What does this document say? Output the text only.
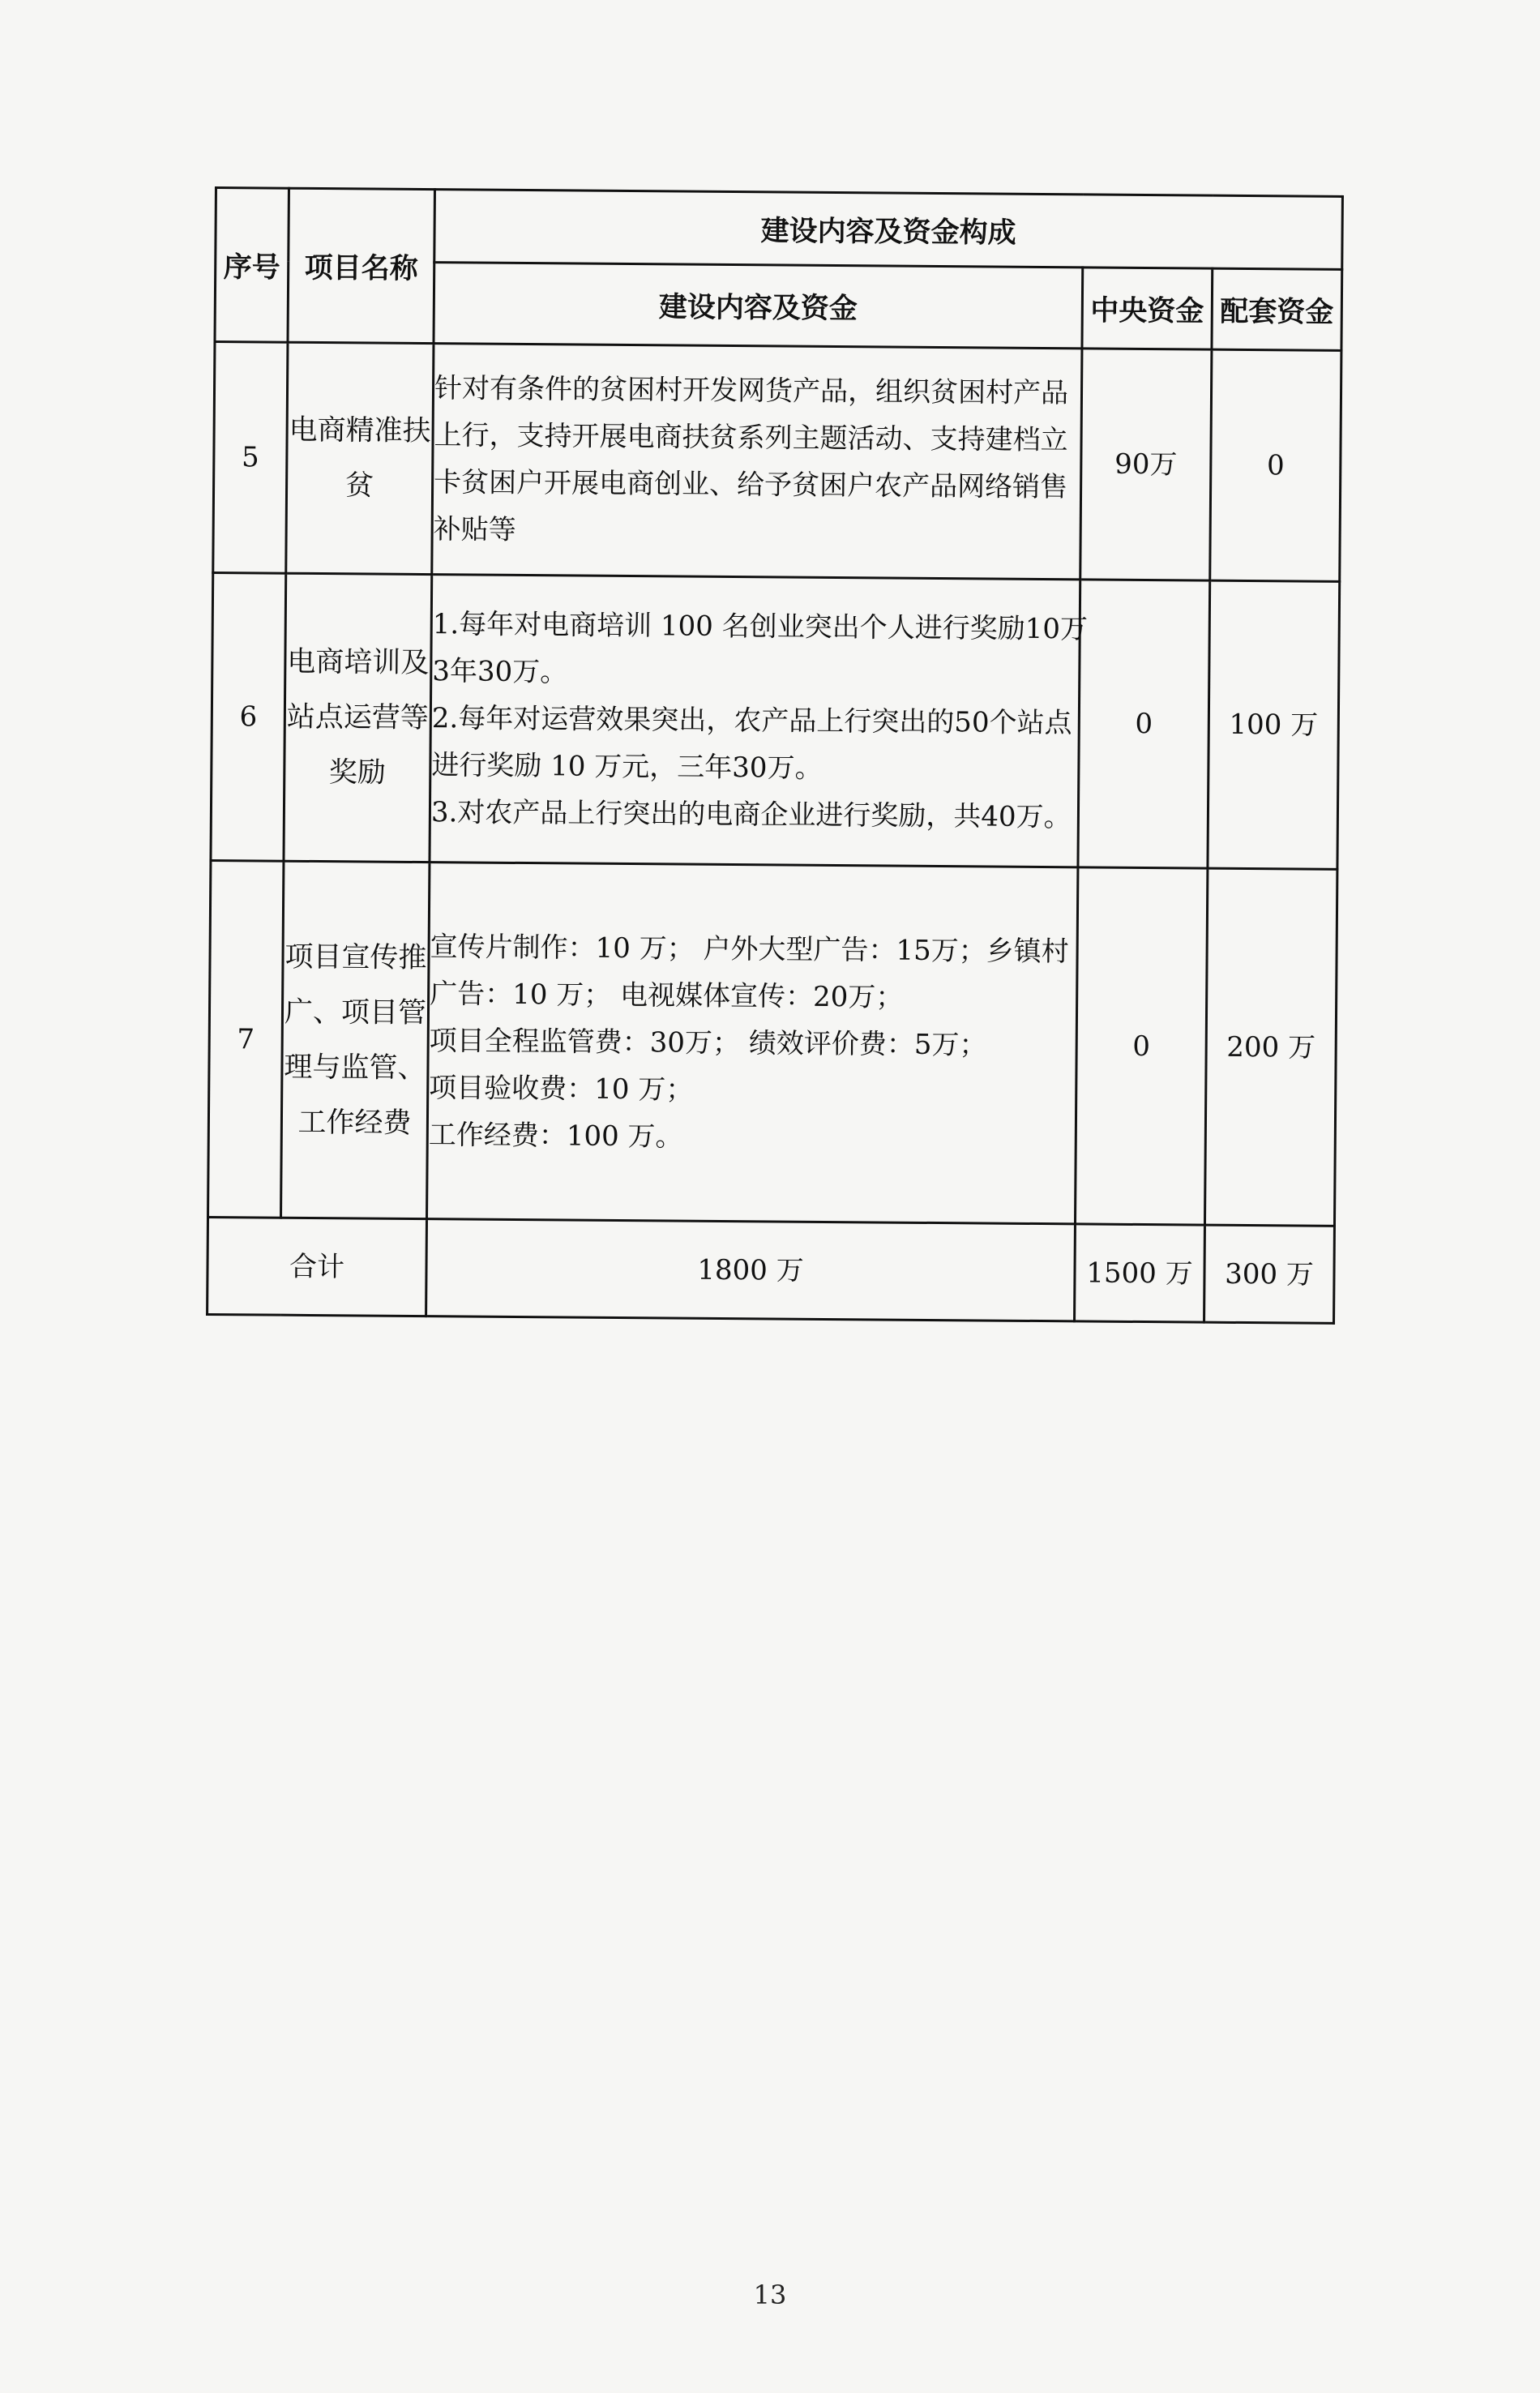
序号	项目名称	建设内容及资金构成		
		建设内容及资金	中央资金	配套资金
5	电商精准扶贫	针对有条件的贫困村开发网货产品，组织贫困村产品
上行，支持开展电商扶贫系列主题活动、支持建档立
卡贫困户开展电商创业、给予贫困户农产品网络销售
补贴等	90万	0
6	电商培训及站点运营等奖励	1.每年对电商培训 100 名创业突出个人进行奖励10万
3年30万。
2.每年对运营效果突出，农产品上行突出的50个站点
进行奖励 10 万元，三年30万。
3.对农产品上行突出的电商企业进行奖励，共40万。	0	100 万
7	项目宣传推广、项目管理与监管、工作经费	宣传片制作：10 万； 户外大型广告：15万；乡镇村
广告：10 万； 电视媒体宣传：20万；
项目全程监管费：30万； 绩效评价费：5万；
项目验收费：10 万；
工作经费：100 万。	0	200 万
合计		1800 万	1500 万	300 万
13
